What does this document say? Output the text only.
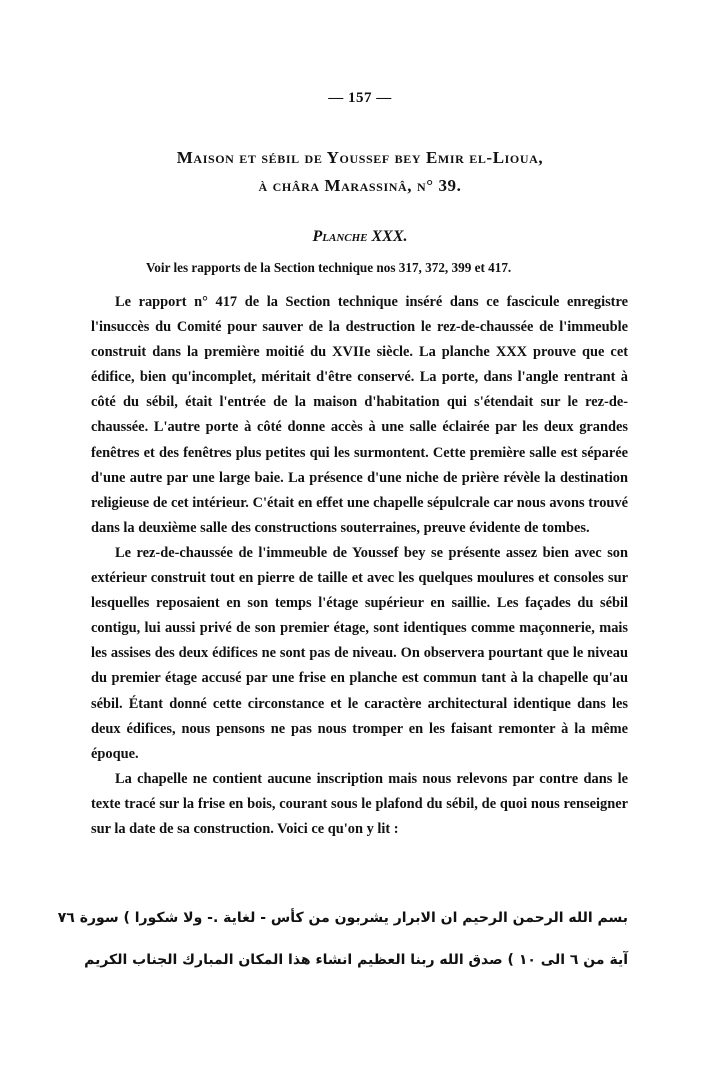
— 157 —
Maison et sébil de Youssef bey Emir el-Lioua,
à châra Marassinâ, n° 39.
Planche XXX.
Voir les rapports de la Section technique nos 317, 372, 399 et 417.

Le rapport n° 417 de la Section technique inséré dans ce fascicule enregistre l'insuccès du Comité pour sauver de la destruction le rez-de-chaussée de l'immeuble construit dans la première moitié du XVIIe siècle. La planche XXX prouve que cet édifice, bien qu'incomplet, méritait d'être conservé. La porte, dans l'angle rentrant à côté du sébil, était l'entrée de la maison d'habitation qui s'étendait sur le rez-de-chaussée. L'autre porte à côté donne accès à une salle éclairée par les deux grandes fenêtres et des fenêtres plus petites qui les surmontent. Cette première salle est séparée d'une autre par une large baie. La présence d'une niche de prière révèle la destination religieuse de cet intérieur. C'était en effet une chapelle sépulcrale car nous avons trouvé dans la deuxième salle des constructions souterraines, preuve évidente de tombes.

Le rez-de-chaussée de l'immeuble de Youssef bey se présente assez bien avec son extérieur construit tout en pierre de taille et avec les quelques moulures et consoles sur lesquelles reposaient en son temps l'étage supérieur en saillie. Les façades du sébil contigu, lui aussi privé de son premier étage, sont identiques comme maçonnerie, mais les assises des deux édifices ne sont pas de niveau. On observera pourtant que le niveau du premier étage accusé par une frise en planche est commun tant à la chapelle qu'au sébil. Étant donné cette circonstance et le caractère architectural identique dans les deux édifices, nous pensons ne pas nous tromper en les faisant remonter à la même époque.

La chapelle ne contient aucune inscription mais nous relevons par contre dans le texte tracé sur la frise en bois, courant sous le plafond du sébil, de quoi nous renseigner sur la date de sa construction. Voici ce qu'on y lit :

بسم الله الرحمن الرحيم ان الابرار يشربون من كأس - لغاية .- ولا شكورا ) سورة ٧٦
آية من ٦ الى ١٠ ) صدق الله ربنا العظيم انشاء هذا المكان المبارك الجناب الكريم
